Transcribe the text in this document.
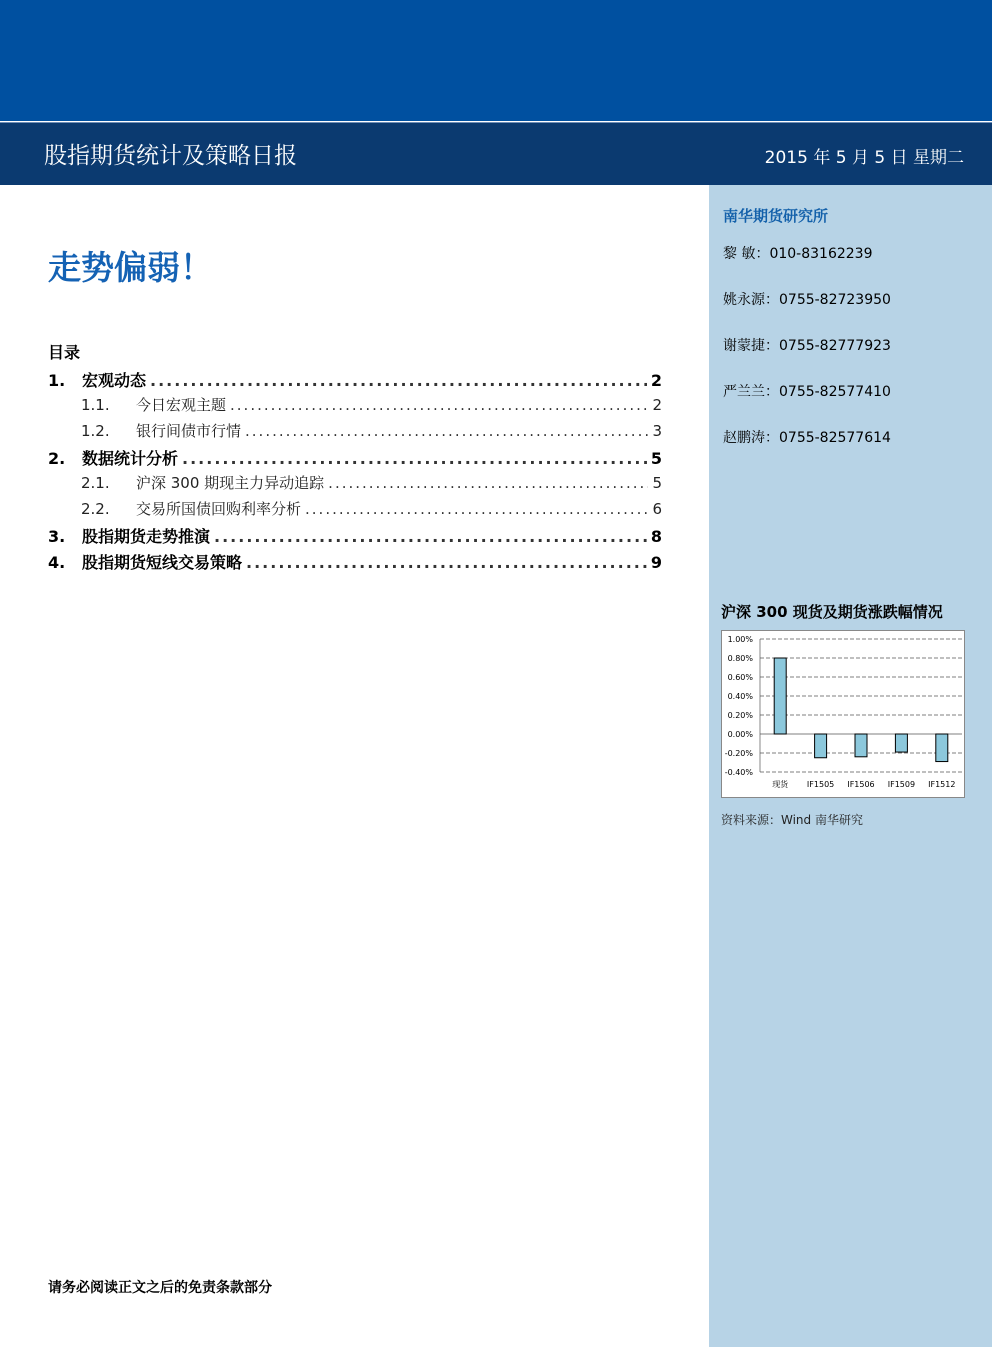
股指期货统计及策略日报	2015 年 5 月 5 日 星期二
走势偏弱！
目录
1.	宏观动态 .....	2
1.1.	今日宏观主题 .....	2
1.2.	银行间债市行情 .....	3
2.	数据统计分析 .....	5
2.1.	沪深 300 期现主力异动追踪 .....	5
2.2.	交易所国债回购利率分析 .....	6
3.	股指期货走势推演 .....	8
4.	股指期货短线交易策略 .....	9
南华期货研究所
黎 敏：010-83162239
姚永源：0755-82723950
谢蒙捷：0755-82777923
严兰兰：0755-82577410
赵鹏涛：0755-82577614
沪深 300 现货及期货涨跌幅情况
-0.40%
-0.20%
0.00%
0.20%
0.40%
0.60%
0.80%
1.00%
现货 IF1505 IF1506 IF1509 IF1512
资料来源：Wind 南华研究
请务必阅读正文之后的免责条款部分
